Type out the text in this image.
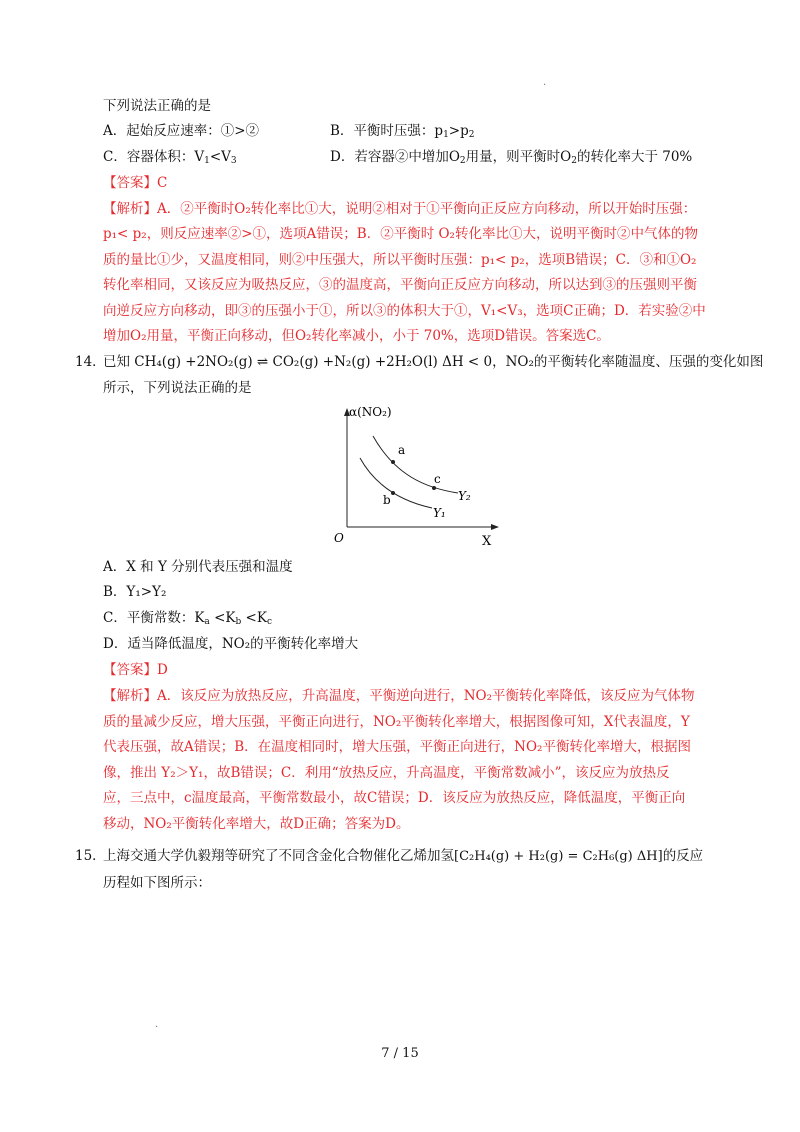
·
·
下列说法正确的是
A．起始反应速率：①>②	B．平衡时压强：$p_1>p_2$
C．容器体积：$V_1<V_3$	D．若容器②中增加$O_2$用量，则平衡时$O_2$的转化率大于 70%
【答案】C
【解析】A．②平衡时O₂转化率比①大，说明②相对于①平衡向正反应方向移动，所以开始时压强：
p₁< p₂，则反应速率②>①，选项A错误；B．②平衡时 O₂转化率比①大，说明平衡时②中气体的物
质的量比①少，又温度相同，则②中压强大，所以平衡时压强：p₁< p₂，选项B错误；C．③和①O₂
转化率相同，又该反应为吸热反应，③的温度高，平衡向正反应方向移动，所以达到③的压强则平衡
向逆反应方向移动，即③的压强小于①，所以③的体积大于①，V₁<V₃，选项C正确；D．若实验②中
增加O₂用量，平衡正向移动，但O₂转化率减小，小于 70%，选项D错误。答案选C。
14．
已知 CH₄(g) +2NO₂(g) ⇌ CO₂(g) +N₂(g) +2H₂O(l) ΔH < 0，NO₂的平衡转化率随温度、压强的变化如图
所示，下列说法正确的是
α(NO₂)
O	X
a
c
b	Y₂
Y₁
A．X 和 Y 分别代表压强和温度
B．Y₁>Y₂
C．平衡常数：$K_a <K_b <K_c$
D．适当降低温度，NO₂的平衡转化率增大
【答案】D
【解析】A．该反应为放热反应，升高温度，平衡逆向进行，NO₂平衡转化率降低，该反应为气体物
质的量减少反应，增大压强，平衡正向进行，NO₂平衡转化率增大，根据图像可知，X代表温度，Y
代表压强，故A错误；B．在温度相同时，增大压强，平衡正向进行，NO₂平衡转化率增大，根据图
像，推出 Y₂＞Y₁，故B错误；C．利用“放热反应，升高温度，平衡常数减小”，该反应为放热反
应，三点中，c温度最高，平衡常数最小，故C错误；D．该反应为放热反应，降低温度，平衡正向
移动，NO₂平衡转化率增大，故D正确；答案为D。
15．
上海交通大学仇毅翔等研究了不同含金化合物催化乙烯加氢[C₂H₄(g) + H₂(g) = C₂H₆(g) ΔH]的反应
历程如下图所示：
7 / 15
